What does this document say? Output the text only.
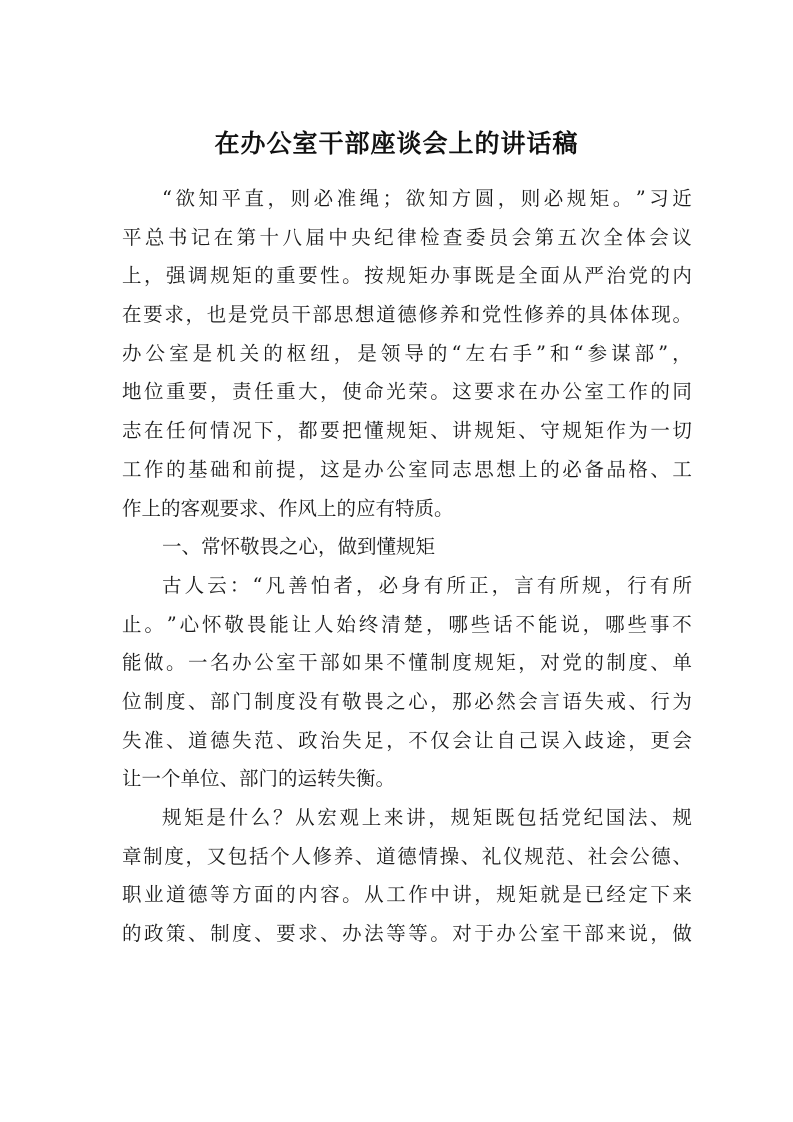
在办公室干部座谈会上的讲话稿
“ 欲 知 平 直 ， 则 必 准 绳 ； 欲 知 方 圆 ， 则 必 规 矩 。 ” 习 近
平 总 书 记 在 第 十 八 届 中 央 纪 律 检 查 委 员 会 第 五 次 全 体 会 议
上 ， 强 调 规 矩 的 重 要 性 。 按 规 矩 办 事 既 是 全 面 从 严 治 党 的 内
在 要 求 ， 也 是 党 员 干 部 思 想 道 德 修 养 和 党 性 修 养 的 具 体 体 现 。
办 公 室 是 机 关 的 枢 纽 ， 是 领 导 的 “ 左 右 手 ” 和 “ 参 谋 部 ” ，
地 位 重 要 ， 责 任 重 大 ， 使 命 光 荣 。 这 要 求 在 办 公 室 工 作 的 同
志 在 任 何 情 况 下 ， 都 要 把 懂 规 矩 、 讲 规 矩 、 守 规 矩 作 为 一 切
工 作 的 基 础 和 前 提 ， 这 是 办 公 室 同 志 思 想 上 的 必 备 品 格 、 工
作上的客观要求、作风上的应有特质。
一、常怀敬畏之心，做到懂规矩
古 人 云 ： “ 凡 善 怕 者 ， 必 身 有 所 正 ， 言 有 所 规 ， 行 有 所
止 。 ” 心 怀 敬 畏 能 让 人 始 终 清 楚 ， 哪 些 话 不 能 说 ， 哪 些 事 不
能 做 。 一 名 办 公 室 干 部 如 果 不 懂 制 度 规 矩 ， 对 党 的 制 度 、 单
位 制 度 、 部 门 制 度 没 有 敬 畏 之 心 ， 那 必 然 会 言 语 失 戒 、 行 为
失 准 、 道 德 失 范 、 政 治 失 足 ， 不 仅 会 让 自 己 误 入 歧 途 ， 更 会
让一个单位、部门的运转失衡。
规 矩 是 什 么 ？ 从 宏 观 上 来 讲 ， 规 矩 既 包 括 党 纪 国 法 、 规
章 制 度 ， 又 包 括 个 人 修 养 、 道 德 情 操 、 礼 仪 规 范 、 社 会 公 德 、
职 业 道 德 等 方 面 的 内 容 。 从 工 作 中 讲 ， 规 矩 就 是 已 经 定 下 来
的 政 策 、 制 度 、 要 求 、 办 法 等 等 。 对 于 办 公 室 干 部 来 说 ， 做
